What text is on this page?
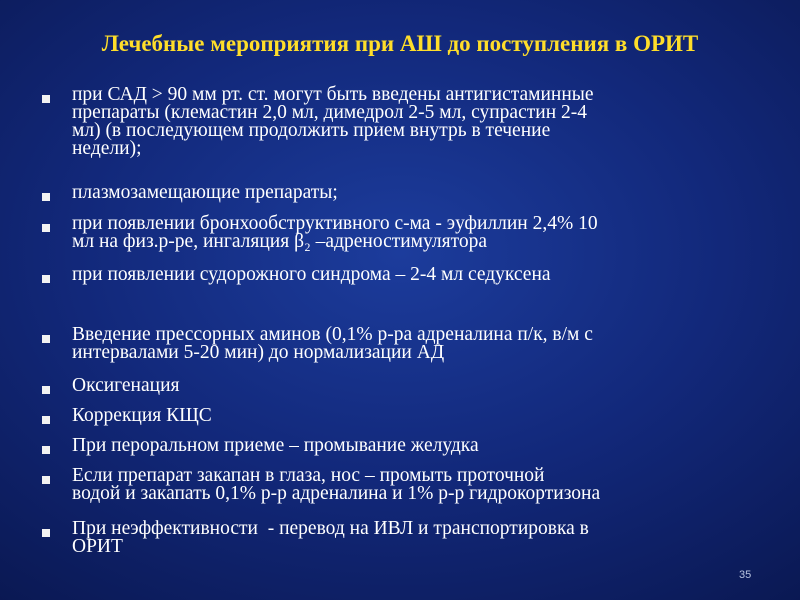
Лечебные мероприятия при АШ до поступления в ОРИТ
при САД > 90 мм рт. ст. могут быть введены антигистаминные
препараты (клемастин 2,0 мл, димедрол 2-5 мл, супрастин 2-4
мл) (в последующем продолжить прием внутрь в течение
недели);
плазмозамещающие препараты;
при появлении бронхообструктивного с-ма - эуфиллин 2,4% 10
мл на физ.р-ре, ингаляция β₂ –адреностимулятора
при появлении судорожного синдрома – 2-4 мл седуксена
Введение прессорных аминов (0,1% р-ра адреналина п/к, в/м с
интервалами 5-20 мин) до нормализации АД
Оксигенация
Коррекция КЩС
При пероральном приеме – промывание желудка
Если препарат закапан в глаза, нос – промыть проточной
водой и закапать 0,1% р-р адреналина и 1% р-р гидрокортизона
При неэффективности  - перевод на ИВЛ и транспортировка в
ОРИТ
35
